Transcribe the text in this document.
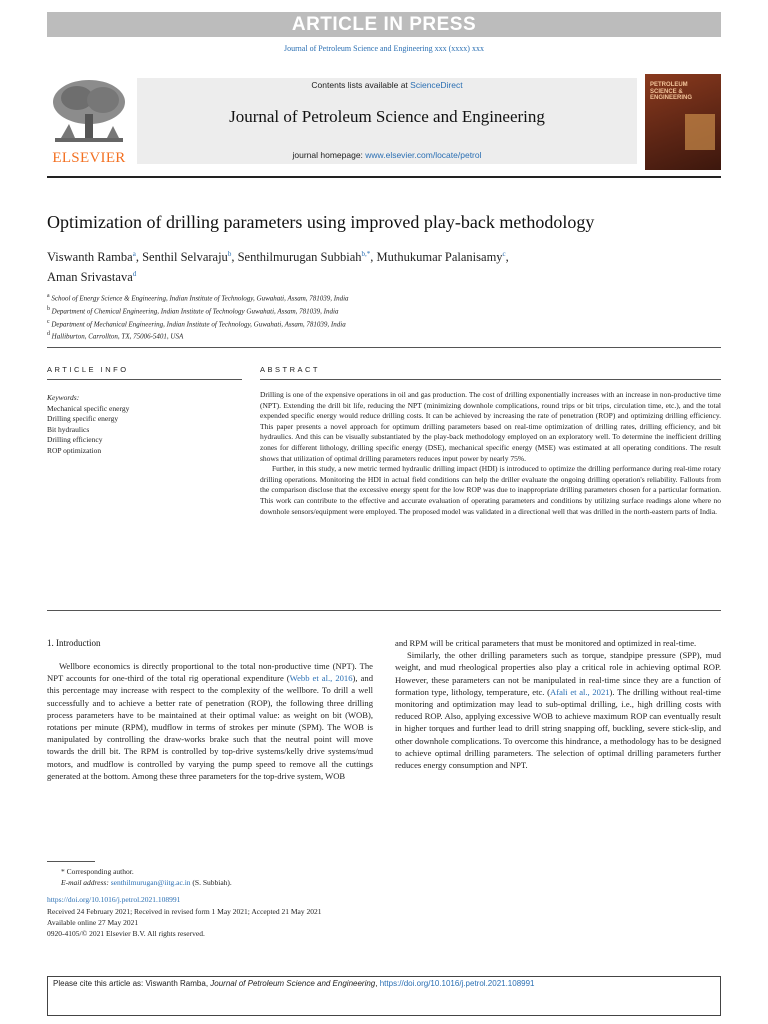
ARTICLE IN PRESS
Journal of Petroleum Science and Engineering xxx (xxxx) xxx
ELSEVIER
Contents lists available at ScienceDirect
Journal of Petroleum Science and Engineering
journal homepage: www.elsevier.com/locate/petrol
PETROLEUM SCIENCE & ENGINEERING
Optimization of drilling parameters using improved play-back methodology
Viswanth Ramba$^a$, Senthil Selvaraju$^b$, Senthilmurugan Subbiah$^{b,*}$, Muthukumar Palanisamy$^c$,
Aman Srivastava$^d$
$^a$ School of Energy Science & Engineering, Indian Institute of Technology, Guwahati, Assam, 781039, India
$^b$ Department of Chemical Engineering, Indian Institute of Technology Guwahati, Assam, 781039, India
$^c$ Department of Mechanical Engineering, Indian Institute of Technology, Guwahati, Assam, 781039, India
$^d$ Halliburton, Carrollton, TX, 75006-5401, USA
ARTICLE INFO
Keywords:
Mechanical specific energy
Drilling specific energy
Bit hydraulics
Drilling efficiency
ROP optimization
ABSTRACT

Drilling is one of the expensive operations in oil and gas production. The cost of drilling exponentially increases with an increase in non-productive time (NPT). Extending the drill bit life, reducing the NPT (minimizing downhole complications, round trips or bit trips, circulation time, etc.), and the total expended specific energy would reduce drilling costs. It can be achieved by increasing the rate of penetration (ROP) and optimizing drilling efficiency. This paper presents a novel approach for optimum drilling parameters based on real-time optimization of drilling rates, drilling efficiency, and bit hydraulics. And this can be visually substantiated by the play-back methodology employed on an exploratory well. To determine the inefficient drilling zones for different lithology, drilling specific energy (DSE), mechanical specific energy (MSE) was estimated at all operating conditions. The result shows that utilization of optimal drilling parameters reduces input power by nearly 75%.

Further, in this study, a new metric termed hydraulic drilling impact (HDI) is introduced to optimize the drilling performance during real-time rotary drilling operations. Monitoring the HDI in actual field conditions can help the driller evaluate the ongoing drilling operation's reliability. Fallouts from the comparison disclose that the excessive energy spent for the low ROP was due to inappropriate drilling parameters chosen for a particular formation. This work can contribute to the effective and accurate evaluation of operating parameters and conditions by utilizing surface readings alone where no downhole sensors/equipment were employed. The proposed model was validated in a directional well that was drilled in the north-eastern parts of India.

1. Introduction

Wellbore economics is directly proportional to the total non-productive time (NPT). The NPT accounts for one-third of the total rig operational expenditure (Webb et al., 2016), and this percentage may increase with respect to the complexity of the wellbore. To drill a well successfully and to achieve a better rate of penetration (ROP), the following three drilling process parameters have to be maintained at their optimal value: as weight on bit (WOB), rotations per minute (RPM), mudflow in terms of strokes per minute (SPM). The WOB is manipulated by controlling the draw-works brake such that the neutral point will move towards the drill bit. The RPM is controlled by top-drive systems/kelly drive systems/mud motors, and mudflow is controlled by varying the pump speed to remove all the cuttings generated at the bottom. Among these three parameters for the top-drive system, WOB

and RPM will be critical parameters that must be monitored and optimized in real-time.

Similarly, the other drilling parameters such as torque, standpipe pressure (SPP), mud weight, and mud rheological properties also play a critical role in achieving optimal ROP. However, these parameters can not be manipulated in real-time since they are a function of formation type, lithology, temperature, etc. (Afali et al., 2021). The drilling without real-time monitoring and optimization may lead to sub-optimal drilling, i.e., high drilling costs with reduced ROP. Also, applying excessive WOB to achieve maximum ROP can eventually result in higher torques and further lead to drill string snapping off, buckling, severe stick-slip, and other downhole complications. To overcome this hindrance, a methodology has to be designed to achieve optimal drilling parameters. The selection of optimal drilling parameters further reduces energy consumption and NPT.

* Corresponding author.
E-mail address: senthilmurugan@iitg.ac.in (S. Subbiah).
https://doi.org/10.1016/j.petrol.2021.108991
Received 24 February 2021; Received in revised form 1 May 2021; Accepted 21 May 2021
Available online 27 May 2021
0920-4105/© 2021 Elsevier B.V. All rights reserved.
Please cite this article as: Viswanth Ramba, Journal of Petroleum Science and Engineering, https://doi.org/10.1016/j.petrol.2021.108991
